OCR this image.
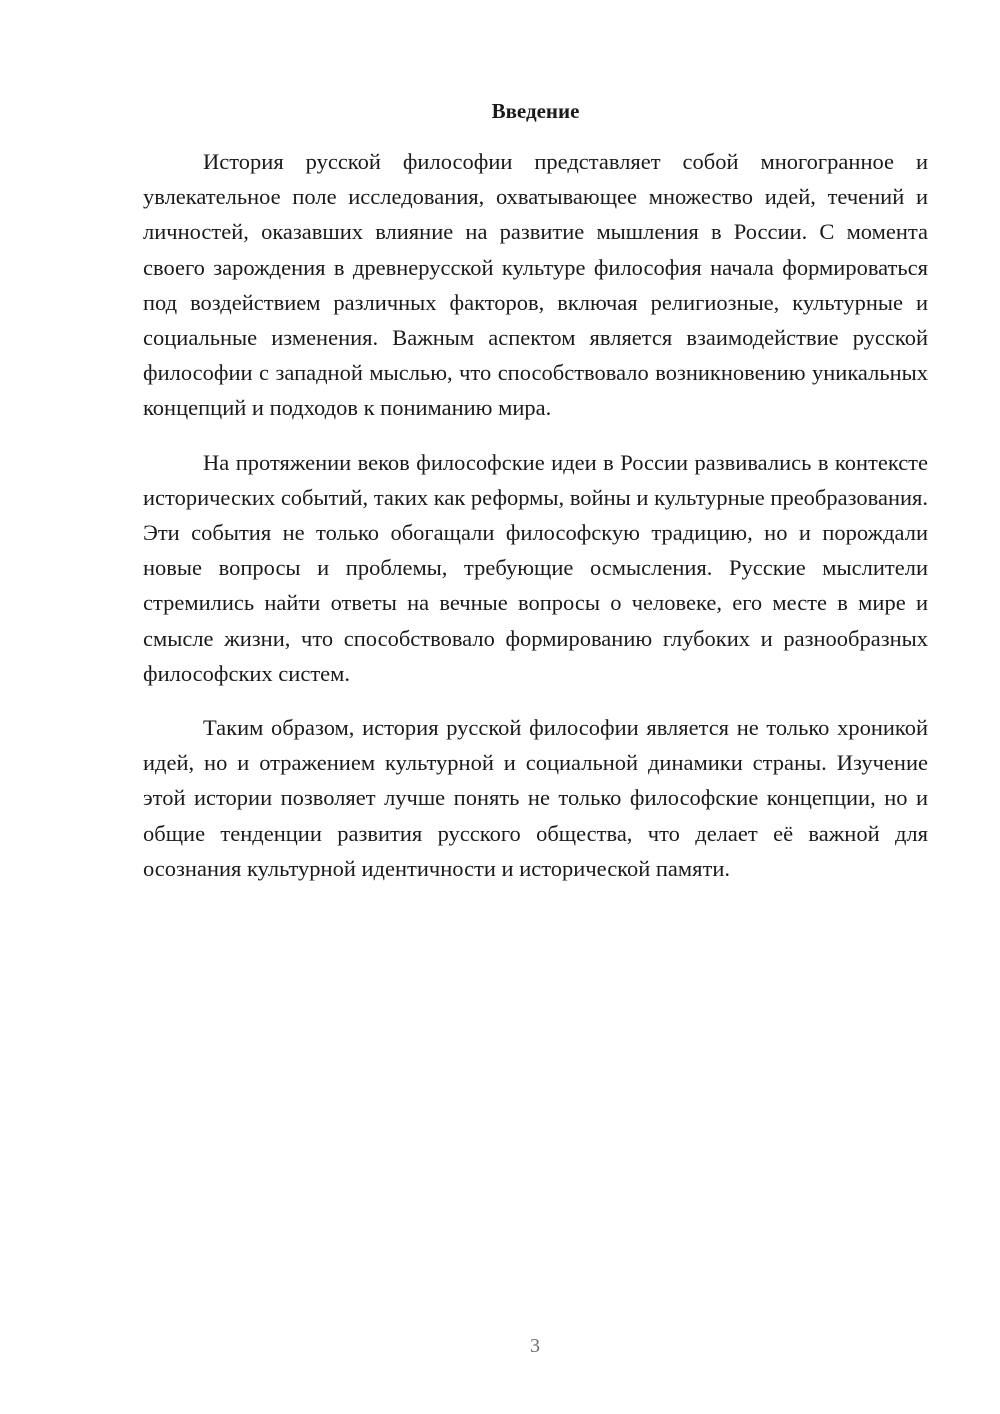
Введение

История русской философии представляет собой многогранное и увлекательное поле исследования, охватывающее множество идей, течений и личностей, оказавших влияние на развитие мышления в России. С момента своего зарождения в древнерусской культуре философия начала формироваться под воздействием различных факторов, включая религиозные, культурные и социальные изменения. Важным аспектом является взаимодействие русской философии с западной мыслью, что способствовало возникновению уникальных концепций и подходов к пониманию мира.

На протяжении веков философские идеи в России развивались в контексте исторических событий, таких как реформы, войны и культурные преобразования. Эти события не только обогащали философскую традицию, но и порождали новые вопросы и проблемы, требующие осмысления. Русские мыслители стремились найти ответы на вечные вопросы о человеке, его месте в мире и смысле жизни, что способствовало формированию глубоких и разнообразных философских систем.

Таким образом, история русской философии является не только хроникой идей, но и отражением культурной и социальной динамики страны. Изучение этой истории позволяет лучше понять не только философские концепции, но и общие тенденции развития русского общества, что делает её важной для осознания культурной идентичности и исторической памяти.

3
